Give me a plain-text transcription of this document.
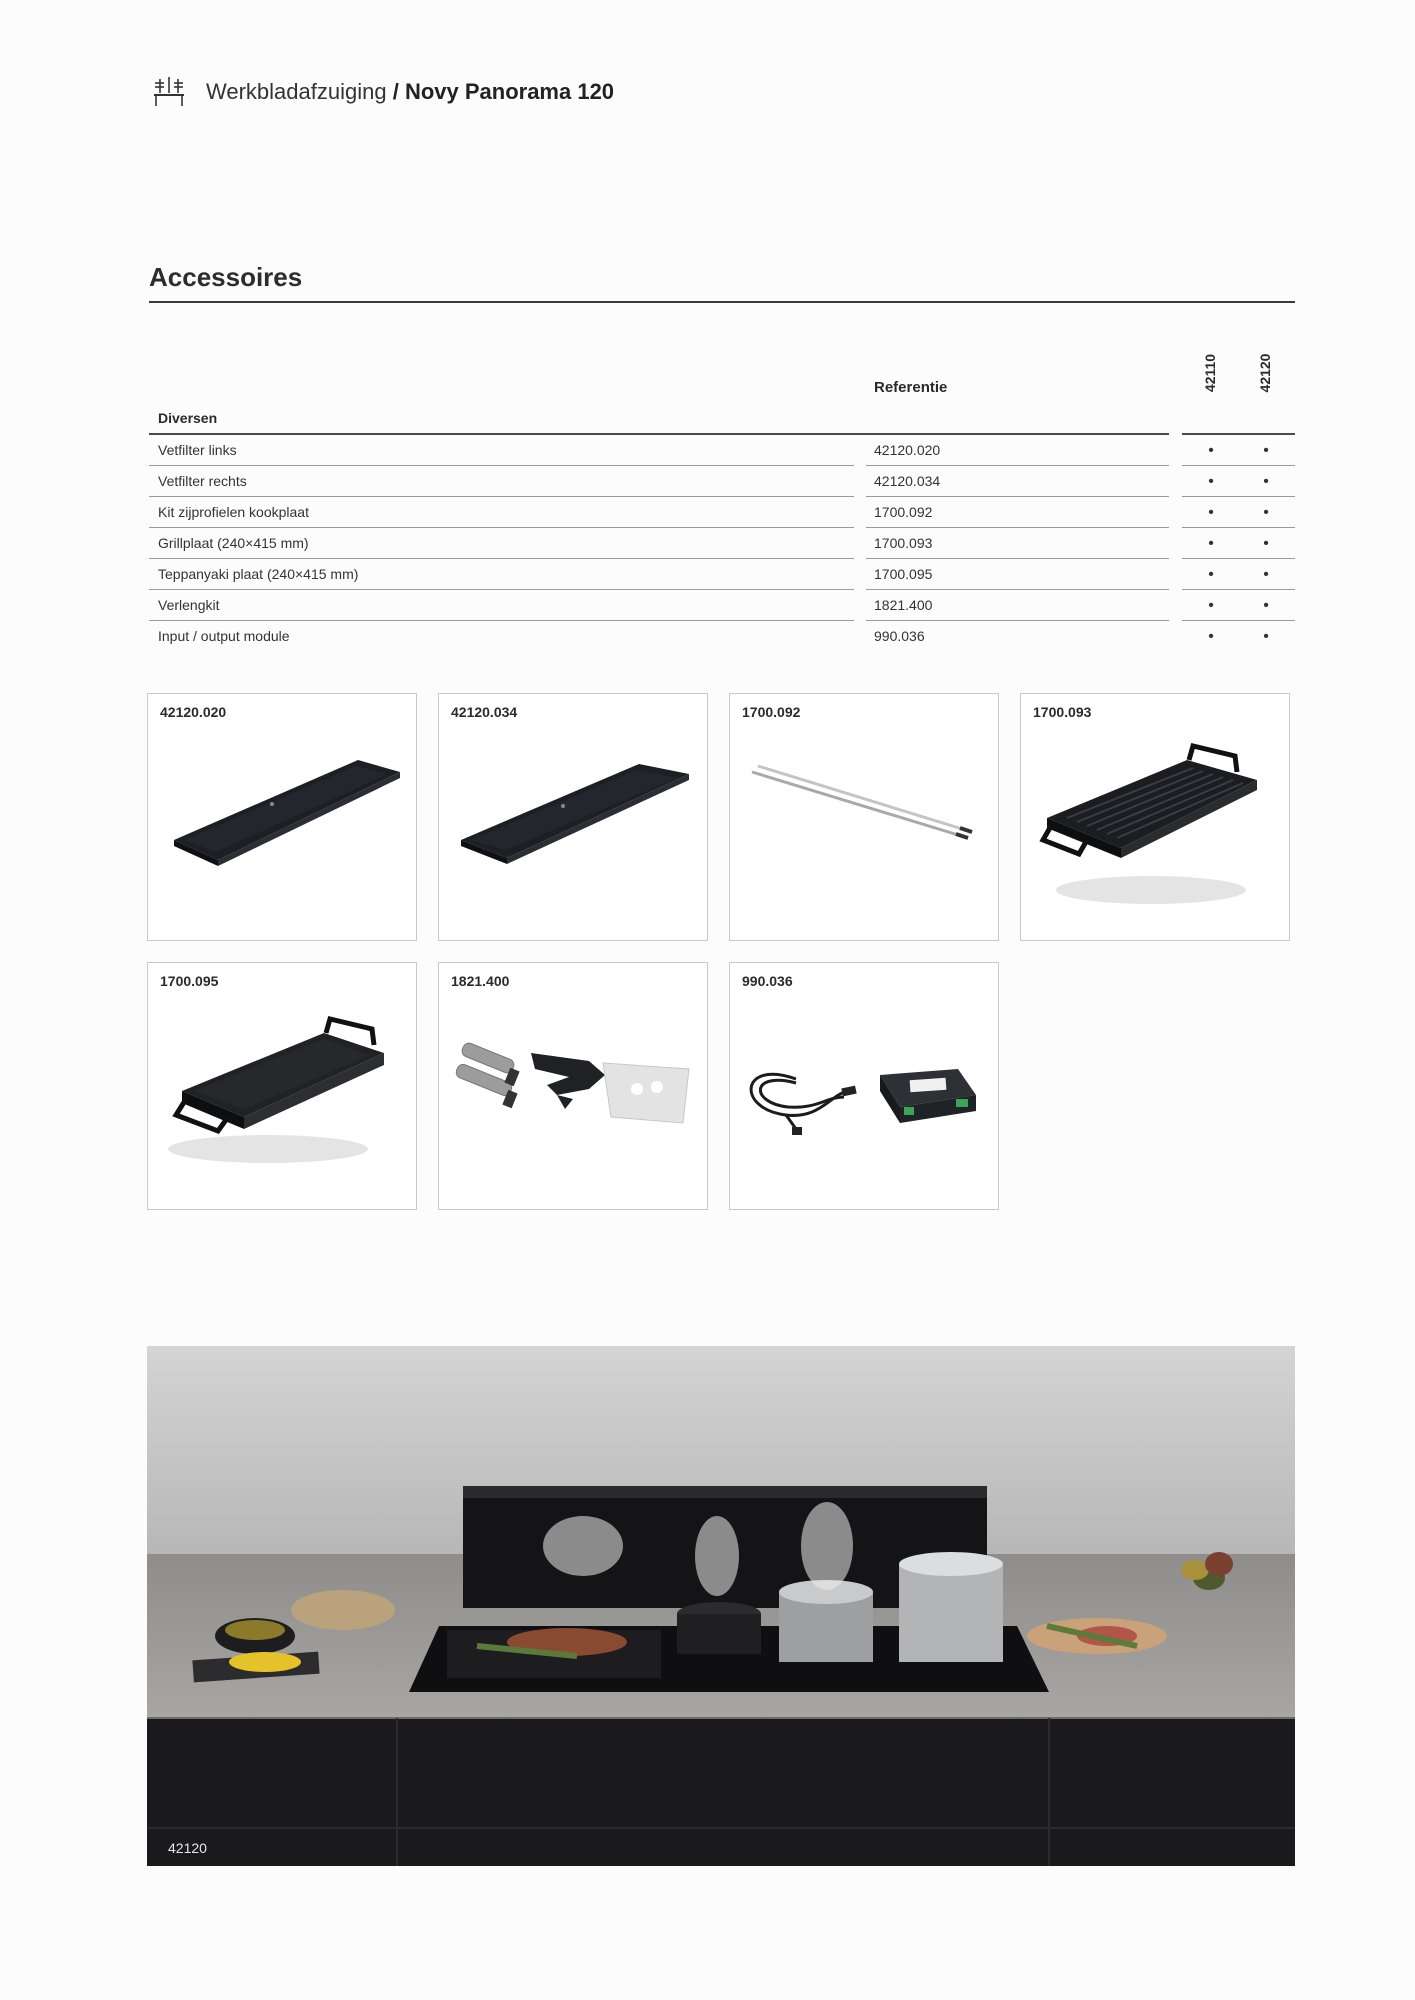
Werkbladafzuiging / Novy Panorama 120
Accessoires
42110	42120
Referentie
Diversen
Vetfilter links	42120.020	•	•
Vetfilter rechts	42120.034	•	•
Kit zijprofielen kookplaat	1700.092	•	•
Grillplaat (240×415 mm)	1700.093	•	•
Teppanyaki plaat (240×415 mm)	1700.095	•	•
Verlengkit	1821.400	•	•
Input / output module	990.036	•	•
42120.020	42120.034	1700.092	1700.093
1700.095	1821.400	990.036
42120
